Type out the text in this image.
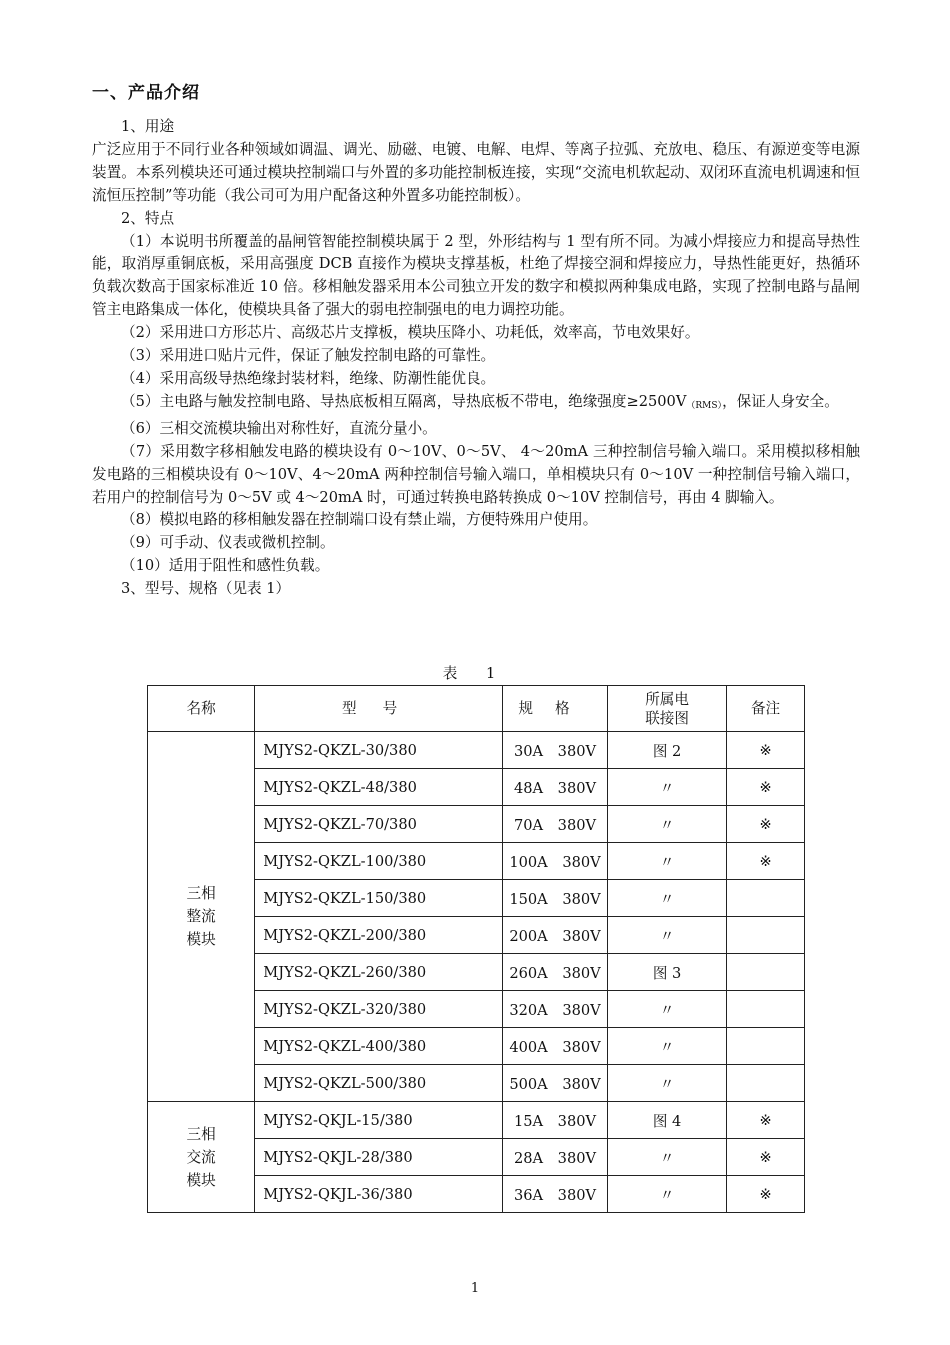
一、产品介绍

1、用途

广泛应用于不同行业各种领域如调温、调光、励磁、电镀、电解、电焊、等离子拉弧、充放电、稳压、有源逆变等电源装置。本系列模块还可通过模块控制端口与外置的多功能控制板连接，实现“交流电机软起动、双闭环直流电机调速和恒流恒压控制”等功能（我公司可为用户配备这种外置多功能控制板）。

2、特点

（1）本说明书所覆盖的晶闸管智能控制模块属于 2 型，外形结构与 1 型有所不同。为减小焊接应力和提高导热性能，取消厚重铜底板，采用高强度 DCB 直接作为模块支撑基板，杜绝了焊接空洞和焊接应力，导热性能更好，热循环负载次数高于国家标准近 10 倍。移相触发器采用本公司独立开发的数字和模拟两种集成电路，实现了控制电路与晶闸管主电路集成一体化，使模块具备了强大的弱电控制强电的电力调控功能。

（2）采用进口方形芯片、高级芯片支撑板，模块压降小、功耗低，效率高，节电效果好。

（3）采用进口贴片元件，保证了触发控制电路的可靠性。

（4）采用高级导热绝缘封装材料，绝缘、防潮性能优良。

（5）主电路与触发控制电路、导热底板相互隔离，导热底板不带电，绝缘强度$\ge 2500V_{(RMS)}$，保证人身安全。

（6）三相交流模块输出对称性好，直流分量小。

（7）采用数字移相触发电路的模块设有 0～10V、0～5V、 4～20mA 三种控制信号输入端口。采用模拟移相触发电路的三相模块设有 0～10V、4～20mA 两种控制信号输入端口，单相模块只有 0～10V 一种控制信号输入端口，若用户的控制信号为 0～5V 或 4～20mA 时，可通过转换电路转换成 0～10V 控制信号，再由 4 脚输入。

（8）模拟电路的移相触发器在控制端口设有禁止端，方便特殊用户使用。

（9）可手动、仪表或微机控制。

（10）适用于阻性和感性负载。

3、型号、规格（见表 1）

表 1
名称	型号	规格	所属电
联接图	备注
三相
整流
模块	MJYS2-QKZL-30/380	30A　380V	图 2	※
	MJYS2-QKZL-48/380	48A　380V	〃	※
	MJYS2-QKZL-70/380	70A　380V	〃	※
	MJYS2-QKZL-100/380	100A　380V	〃	※
	MJYS2-QKZL-150/380	150A　380V	〃	
	MJYS2-QKZL-200/380	200A　380V	〃	
	MJYS2-QKZL-260/380	260A　380V	图 3	
	MJYS2-QKZL-320/380	320A　380V	〃	
	MJYS2-QKZL-400/380	400A　380V	〃	
	MJYS2-QKZL-500/380	500A　380V	〃	
三相
交流
模块	MJYS2-QKJL-15/380	15A　380V	图 4	※
	MJYS2-QKJL-28/380	28A　380V	〃	※
	MJYS2-QKJL-36/380	36A　380V	〃	※
1
